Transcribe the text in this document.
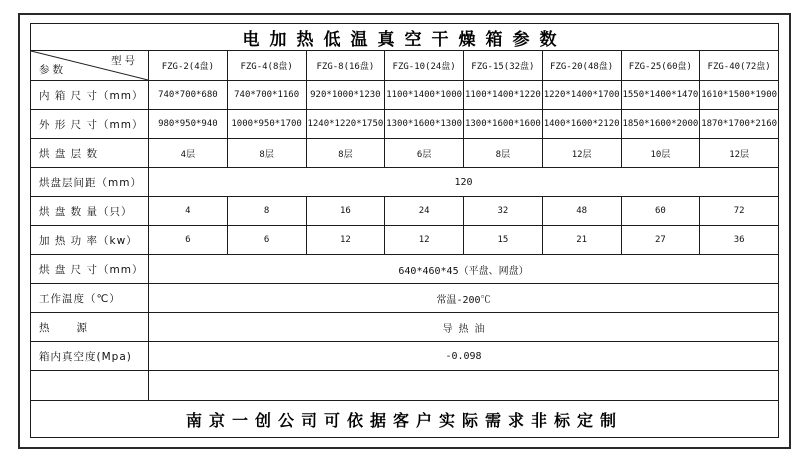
电加热低温真空干燥箱参数								

型号
参数	FZG-2(4盘)	FZG-4(8盘)	FZG-8(16盘)	FZG-10(24盘)	FZG-15(32盘)	FZG-20(48盘)	FZG-25(60盘)	FZG-40(72盘)
内 箱 尺 寸（mm）	740*700*680	740*700*1160	920*1000*1230	1100*1400*1000	1100*1400*1220	1220*1400*1700	1550*1400*1470	1610*1500*1900
外 形 尺 寸（mm）	980*950*940	1000*950*1700	1240*1220*1750	1300*1600*1300	1300*1600*1600	1400*1600*2120	1850*1600*2000	1870*1700*2160
烘 盘 层 数	4层	8层	8层	6层	8层	12层	10层	12层
烘盘层间距（mm）	120							
烘 盘 数 量（只）	4	8	16	24	32	48	60	72
加 热 功 率（kw）	6	6	12	12	15	21	27	36
烘 盘 尺 寸（mm）	640*460*45（平盘、网盘）							
工作温度（℃）	常温-200℃							
热      源	导 热 油							
箱内真空度(Mpa)	-0.098							

南京一创公司可依据客户实际需求非标定制								
